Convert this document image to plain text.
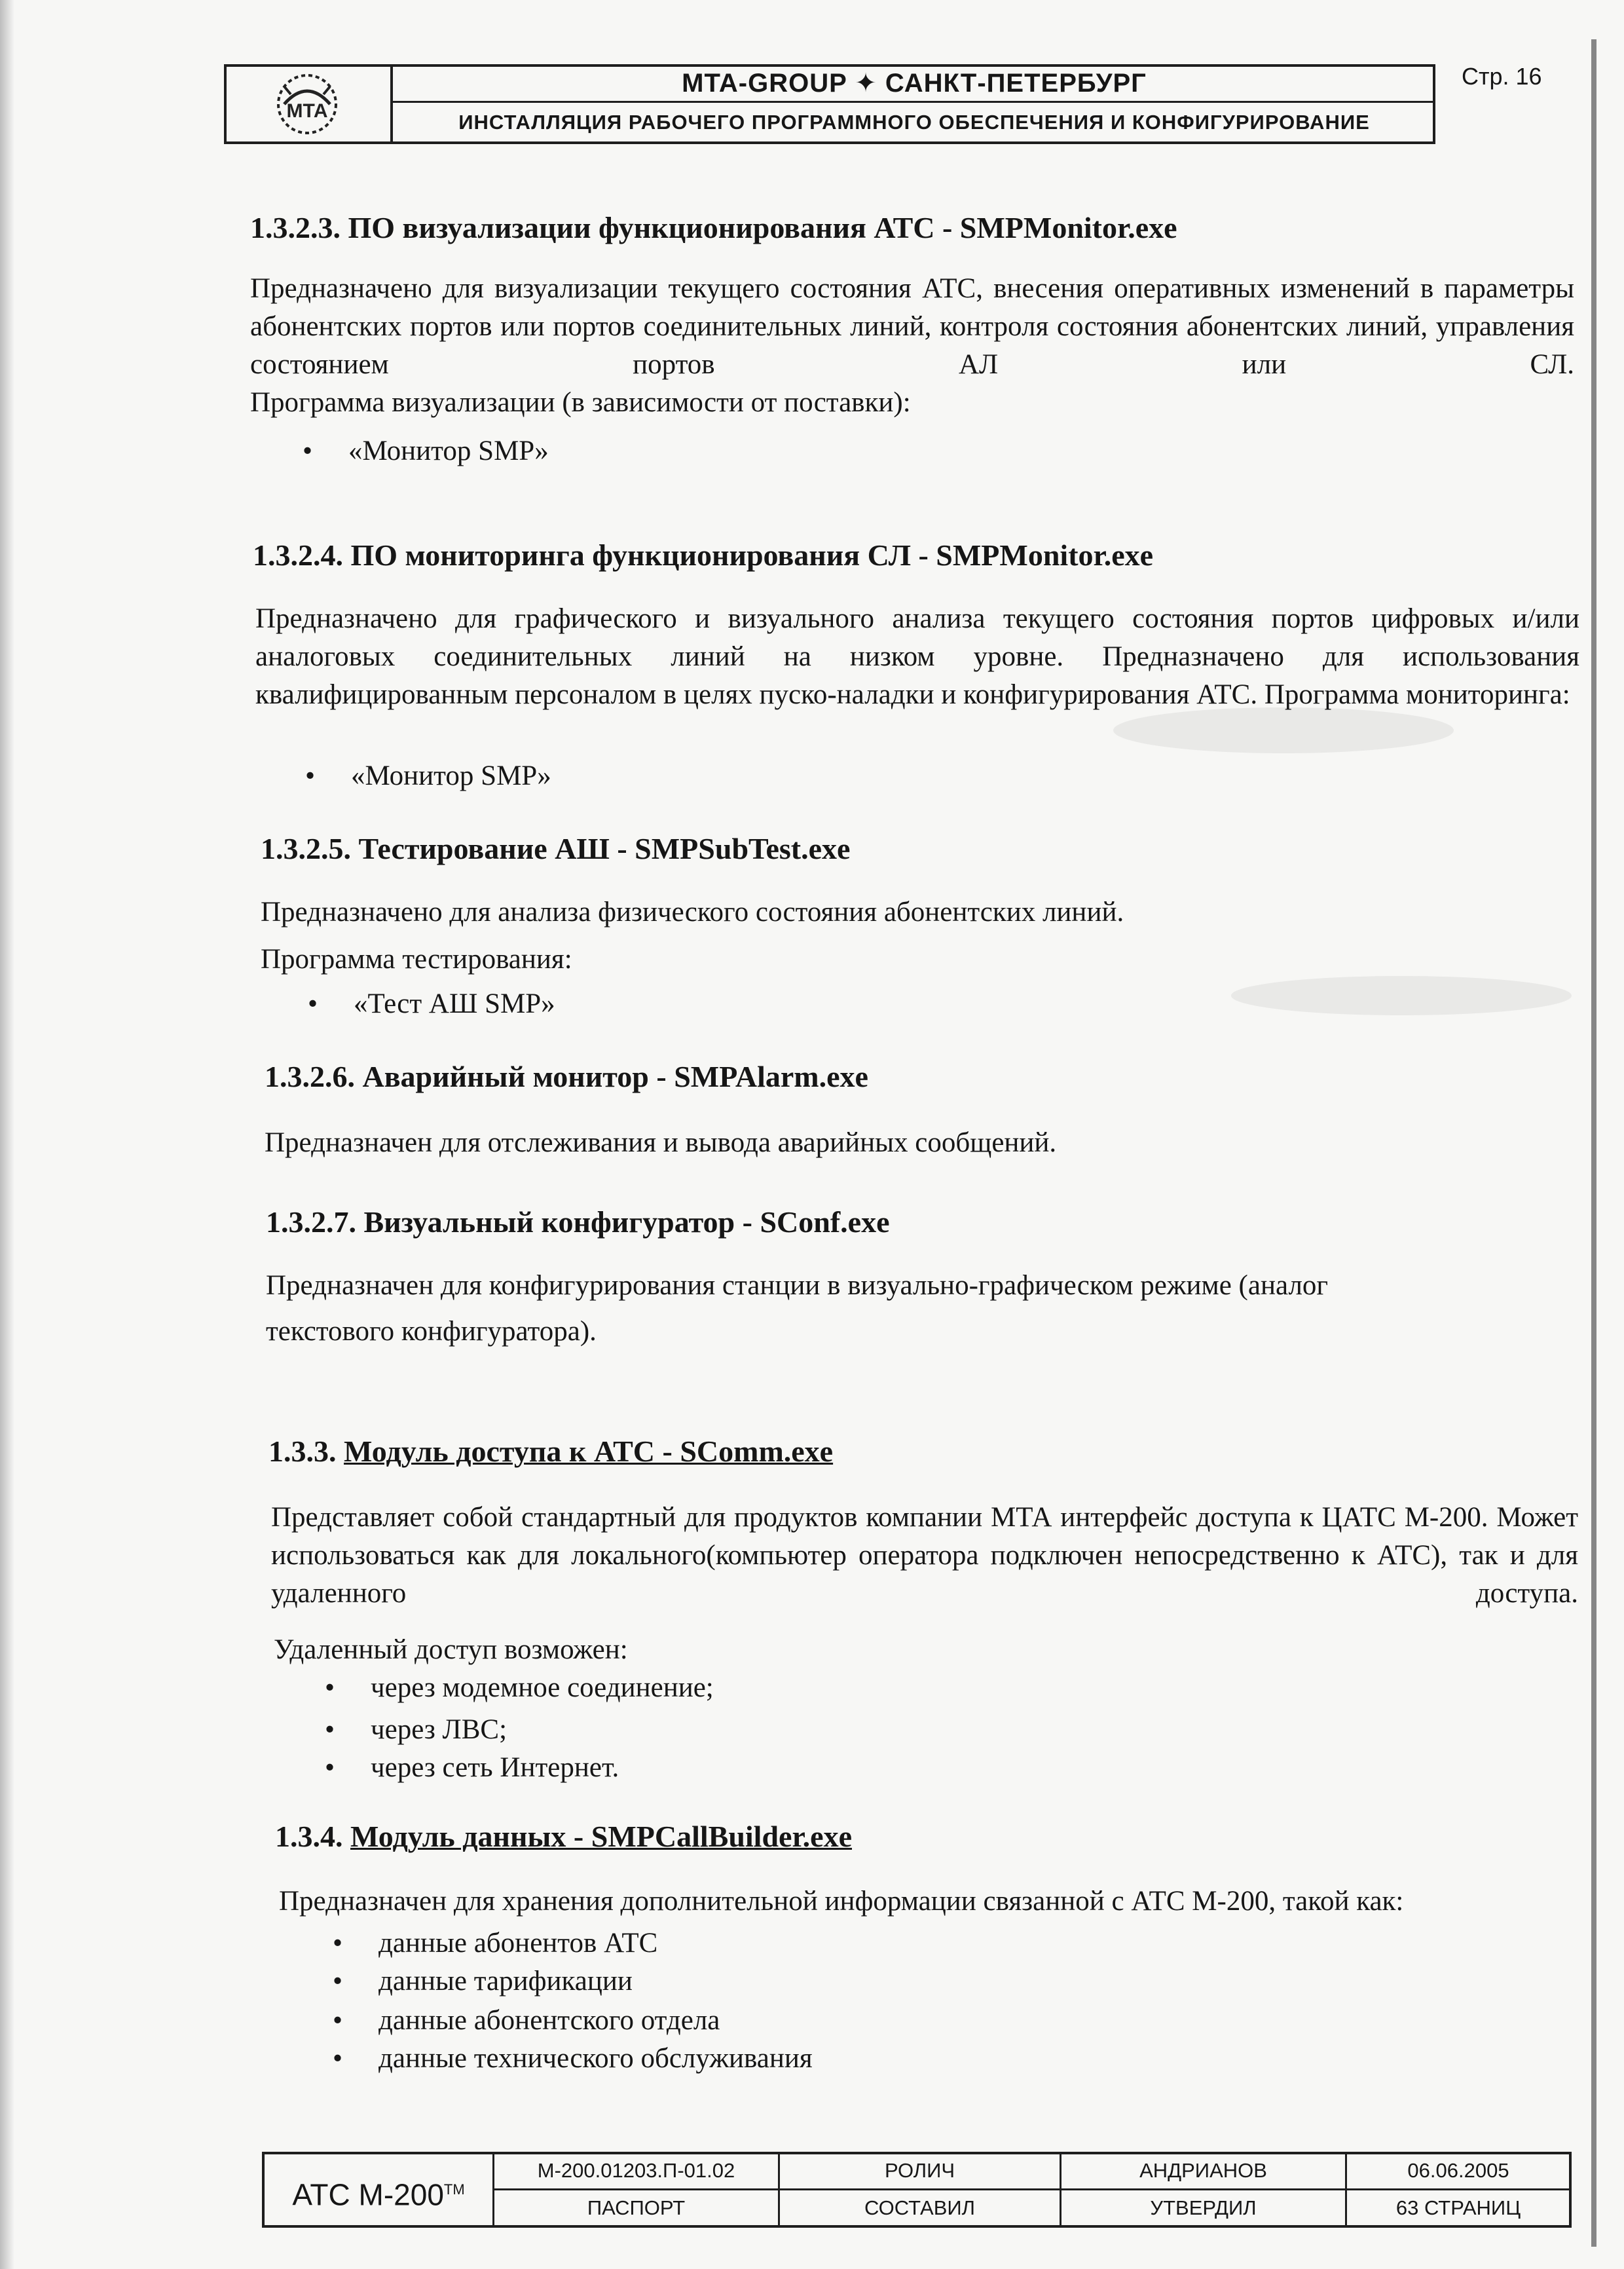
МТА
MTA-GROUP ✦ САНКТ-ПЕТЕРБУРГ
ИНСТАЛЛЯЦИЯ РАБОЧЕГО ПРОГРАММНОГО ОБЕСПЕЧЕНИЯ И КОНФИГУРИРОВАНИЕ
Стр. 16
1.3.2.3. ПО визуализации функционирования АТС - SMPMonitor.exe
Предназначено для визуализации текущего состояния АТС, внесения оперативных изменений в параметры абонентских портов или портов соединительных линий, контроля состояния абонентских линий, управления состоянием портов АЛ или СЛ.
Программа визуализации (в зависимости от поставки):
• «Монитор SMP»
1.3.2.4. ПО мониторинга функционирования СЛ - SMPMonitor.exe
Предназначено для графического и визуального анализа текущего состояния портов цифровых и/или аналоговых соединительных линий на низком уровне. Предназначено для использования квалифицированным персоналом в целях пуско-наладки и конфигурирования АТС. Программа мониторинга:
• «Монитор SMP»
1.3.2.5. Тестирование АШ - SMPSubTest.exe
Предназначено для анализа физического состояния абонентских линий.
Программа тестирования:
• «Тест АШ SMP»
1.3.2.6. Аварийный монитор - SMPAlarm.exe
Предназначен для отслеживания и вывода аварийных сообщений.
1.3.2.7. Визуальный конфигуратор - SConf.exe
Предназначен для конфигурирования станции в визуально-графическом режиме (аналог
текстового конфигуратора).
1.3.3. Модуль доступа к АТС - SComm.exe
Представляет собой стандартный для продуктов компании МТА интерфейс доступа к ЦАТС М-200. Может использоваться как для локального(компьютер оператора подключен непосредственно к АТС), так и для удаленного доступа.
Удаленный доступ возможен:
• через модемное соединение;
• через ЛВС;
• через сеть Интернет.
1.3.4. Модуль данных - SMPCallBuilder.exe
Предназначен для хранения дополнительной информации связанной с АТС М-200, такой как:
• данные абонентов АТС
• данные тарификации
• данные абонентского отдела
• данные технического обслуживания
АТС М-200™
М-200.01203.П-01.02
ПАСПОРТ
РОЛИЧ
СОСТАВИЛ
АНДРИАНОВ
УТВЕРДИЛ
06.06.2005
63 СТРАНИЦ
